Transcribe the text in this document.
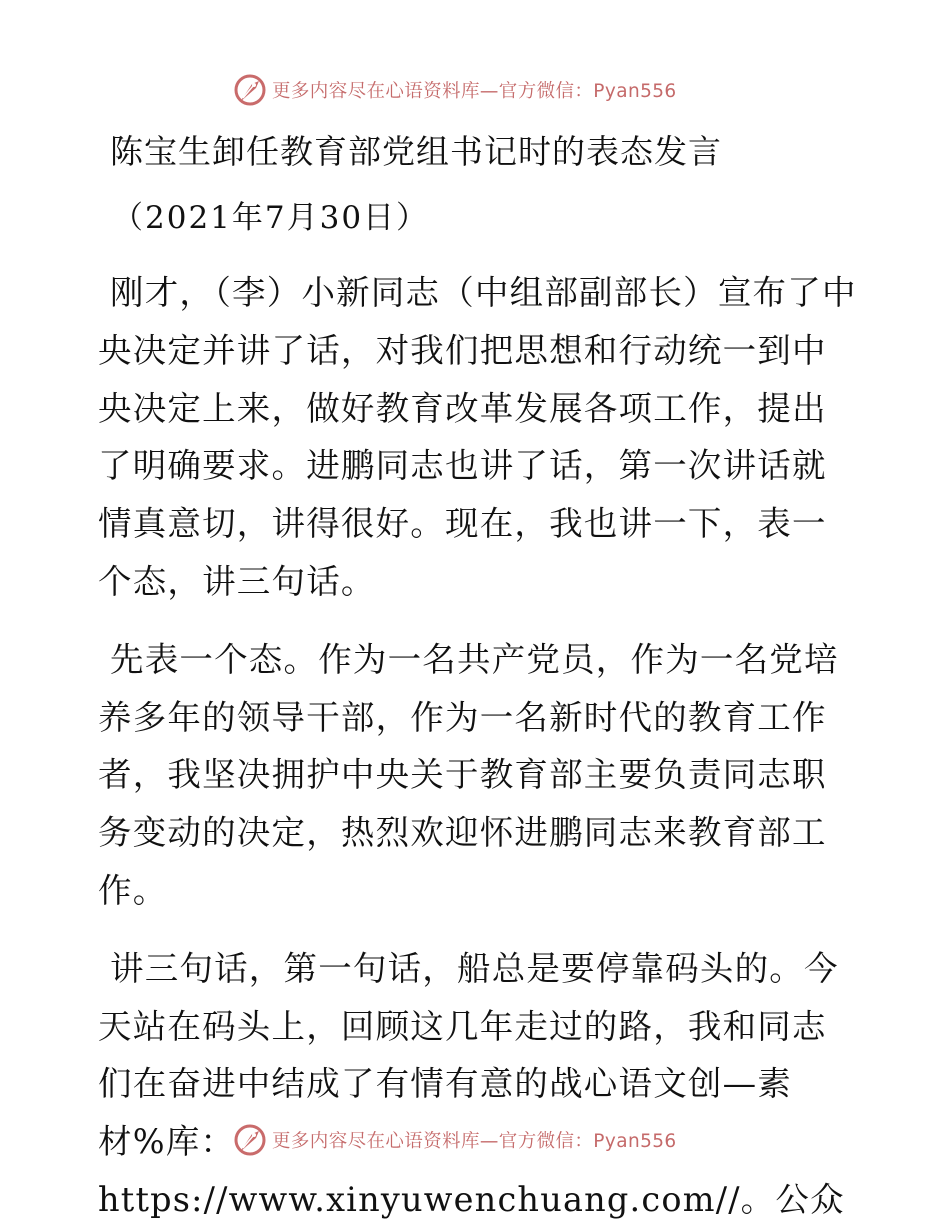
更多内容尽在心语资料库—官方微信：Pyan556
陈宝生卸任教育部党组书记时的表态发言

（2021年7月30日）

刚才，（李）小新同志（中组部副部长）宣布了中央决定并讲了话，对我们把思想和行动统一到中央决定上来，做好教育改革发展各项工作，提出了明确要求。进鹏同志也讲了话，第一次讲话就情真意切，讲得很好。现在，我也讲一下，表一个态，讲三句话。

先表一个态。作为一名共产党员，作为一名党培养多年的领导干部，作为一名新时代的教育工作者，我坚决拥护中央关于教育部主要负责同志职务变动的决定，热烈欢迎怀进鹏同志来教育部工作。

讲三句话，第一句话，船总是要停靠码头的。今天站在码头上，回顾这几年走过的路，我和同志们在奋进中结成了有情有意的战心语文创—素材%库：https://www.xinyuwenchuang.com//。公众

更多内容尽在心语资料库—官方微信：Pyan556
